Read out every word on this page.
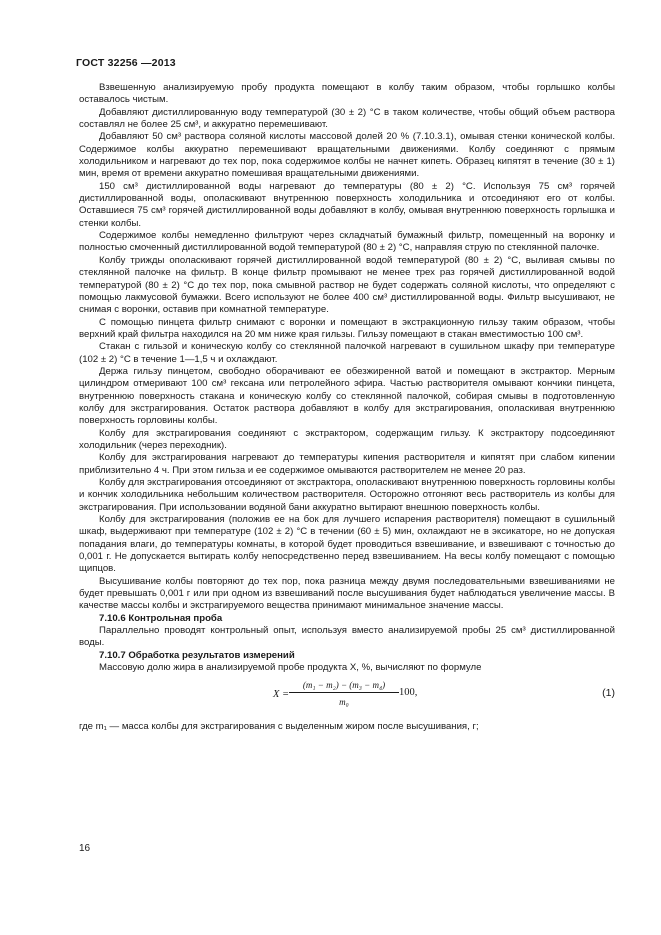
ГОСТ 32256 —2013

Взвешенную анализируемую пробу продукта помещают в колбу таким образом, чтобы горлышко колбы оставалось чистым.

Добавляют дистиллированную воду температурой (30 ± 2) °С в таком количестве, чтобы общий объем раствора составлял не более 25 см³, и аккуратно перемешивают.

Добавляют 50 см³ раствора соляной кислоты массовой долей 20 % (7.10.3.1), омывая стенки конической колбы. Содержимое колбы аккуратно перемешивают вращательными движениями. Колбу соединяют с прямым холодильником и нагревают до тех пор, пока содержимое колбы не начнет кипеть. Образец кипятят в течение (30 ± 1) мин, время от времени аккуратно помешивая вращательными движениями.

150 см³ дистиллированной воды нагревают до температуры (80 ± 2) °С. Используя 75 см³ горячей дистиллированной воды, ополаскивают внутреннюю поверхность холодильника и отсоединяют его от колбы. Оставшиеся 75 см³ горячей дистиллированной воды добавляют в колбу, омывая внутреннюю поверхность горлышка и стенки колбы.

Содержимое колбы немедленно фильтруют через складчатый бумажный фильтр, помещенный на воронку и полностью смоченный дистиллированной водой температурой (80 ± 2) °С, направляя струю по стеклянной палочке.

Колбу трижды ополаскивают горячей дистиллированной водой температурой (80 ± 2) °С, выливая смывы по стеклянной палочке на фильтр. В конце фильтр промывают не менее трех раз горячей дистиллированной водой температурой (80 ± 2) °С до тех пор, пока смывной раствор не будет содержать соляной кислоты, что определяют с помощью лакмусовой бумажки. Всего используют не более 400 см³ дистиллированной воды. Фильтр высушивают, не снимая с воронки, оставив при комнатной температуре.

С помощью пинцета фильтр снимают с воронки и помещают в экстракционную гильзу таким образом, чтобы верхний край фильтра находился на 20 мм ниже края гильзы. Гильзу помещают в стакан вместимостью 100 см³.

Стакан с гильзой и коническую колбу со стеклянной палочкой нагревают в сушильном шкафу при температуре (102 ± 2) °С в течение 1—1,5 ч и охлаждают.

Держа гильзу пинцетом, свободно оборачивают ее обезжиренной ватой и помещают в экстрактор. Мерным цилиндром отмеривают 100 см³ гексана или петролейного эфира. Частью растворителя омывают кончики пинцета, внутреннюю поверхность стакана и коническую колбу со стеклянной палочкой, собирая смывы в подготовленную колбу для экстрагирования. Остаток раствора добавляют в колбу для экстрагирования, ополаскивая внутреннюю поверхность горловины колбы.

Колбу для экстрагирования соединяют с экстрактором, содержащим гильзу. К экстрактору подсоединяют холодильник (через переходник).

Колбу для экстрагирования нагревают до температуры кипения растворителя и кипятят при слабом кипении приблизительно 4 ч. При этом гильза и ее содержимое омываются растворителем не менее 20 раз.

Колбу для экстрагирования отсоединяют от экстрактора, ополаскивают внутреннюю поверхность горловины колбы и кончик холодильника небольшим количеством растворителя. Осторожно отгоняют весь растворитель из колбы для экстрагирования. При использовании водяной бани аккуратно вытирают внешнюю поверхность колбы.

Колбу для экстрагирования (положив ее на бок для лучшего испарения растворителя) помещают в сушильный шкаф, выдерживают при температуре (102 ± 2) °С в течении (60 ± 5) мин, охлаждают не в эксикаторе, но не допуская попадания влаги, до температуры комнаты, в которой будет проводиться взвешивание, и взвешивают с точностью до 0,001 г. Не допускается вытирать колбу непосредственно перед взвешиванием. На весы колбу помещают с помощью щипцов.

Высушивание колбы повторяют до тех пор, пока разница между двумя последовательными взвешиваниями не будет превышать 0,001 г или при одном из взвешиваний после высушивания будет наблюдаться увеличение массы. В качестве массы колбы и экстрагируемого вещества принимают минимальное значение массы.

7.10.6 Контрольная проба

Параллельно проводят контрольный опыт, используя вместо анализируемой пробы 25 см³ дистиллированной воды.

7.10.7 Обработка результатов измерений

Массовую долю жира в анализируемой пробе продукта X, %, вычисляют по формуле

X =
(m₁ − m₂) − (m₃ − m₄)
m₀
100,	(1)

где m₁ — масса колбы для экстрагирования с выделенным жиром после высушивания, г;

16
